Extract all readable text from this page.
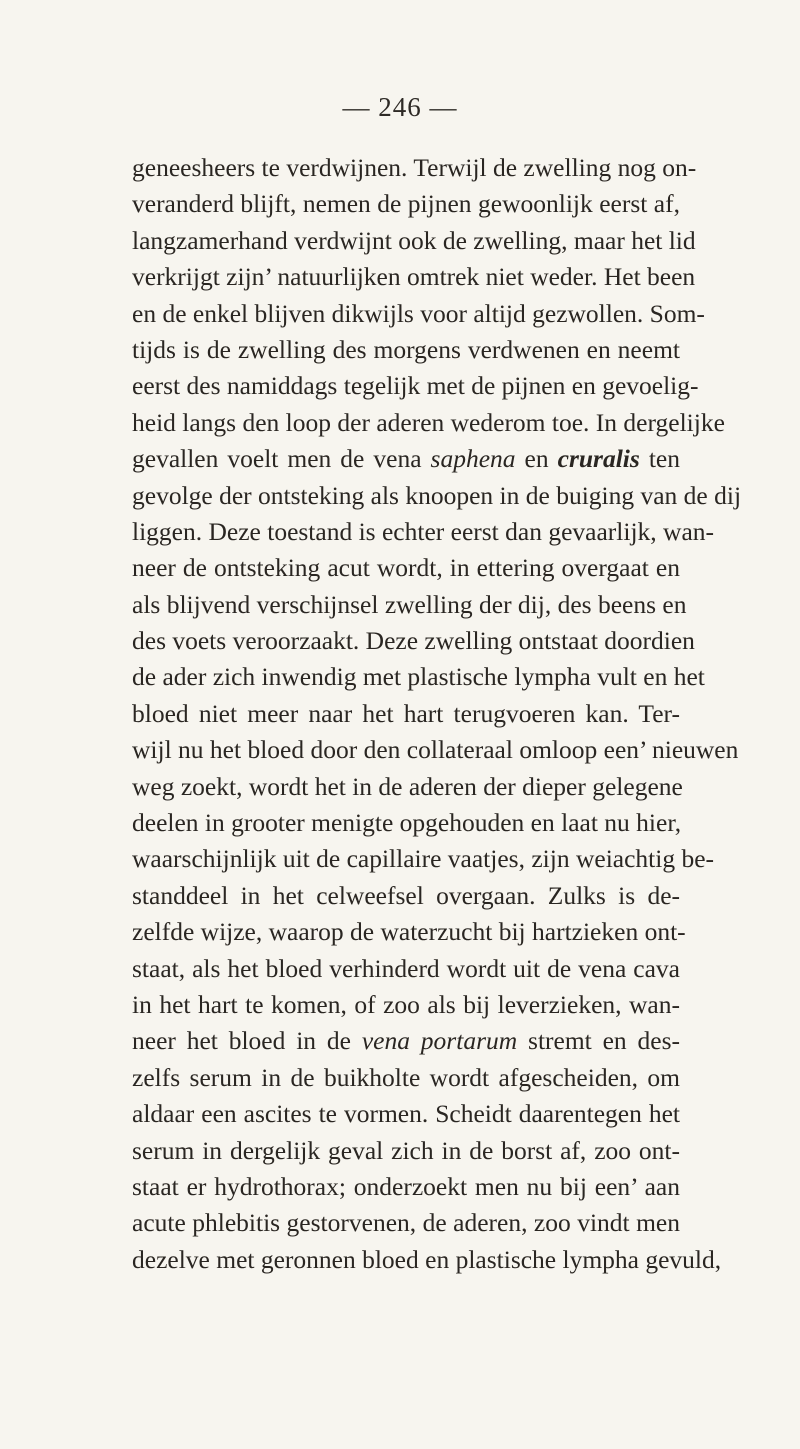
— 246 —
geneesheers te verdwijnen. Terwijl de zwelling nog on-
veranderd blijft, nemen de pijnen gewoonlijk eerst af,
langzamerhand verdwijnt ook de zwelling, maar het lid
verkrijgt zijn’ natuurlijken omtrek niet weder. Het been
en de enkel blijven dikwijls voor altijd gezwollen. Som-
tijds is de zwelling des morgens verdwenen en neemt
eerst des namiddags tegelijk met de pijnen en gevoelig-
heid langs den loop der aderen wederom toe. In dergelijke
gevallen voelt men de vena saphena en cruralis ten
gevolge der ontsteking als knoopen in de buiging van de dij
liggen. Deze toestand is echter eerst dan gevaarlijk, wan-
neer de ontsteking acut wordt, in ettering overgaat en
als blijvend verschijnsel zwelling der dij, des beens en
des voets veroorzaakt. Deze zwelling ontstaat doordien
de ader zich inwendig met plastische lympha vult en het
bloed niet meer naar het hart terugvoeren kan. Ter-
wijl nu het bloed door den collateraal omloop een’ nieuwen
weg zoekt, wordt het in de aderen der dieper gelegene
deelen in grooter menigte opgehouden en laat nu hier,
waarschijnlijk uit de capillaire vaatjes, zijn weiachtig be-
standdeel in het celweefsel overgaan. Zulks is de-
zelfde wijze, waarop de waterzucht bij hartzieken ont-
staat, als het bloed verhinderd wordt uit de vena cava
in het hart te komen, of zoo als bij leverzieken, wan-
neer het bloed in de vena portarum stremt en des-
zelfs serum in de buikholte wordt afgescheiden, om
aldaar een ascites te vormen. Scheidt daarentegen het
serum in dergelijk geval zich in de borst af, zoo ont-
staat er hydrothorax; onderzoekt men nu bij een’ aan
acute phlebitis gestorvenen, de aderen, zoo vindt men
dezelve met geronnen bloed en plastische lympha gevuld,
